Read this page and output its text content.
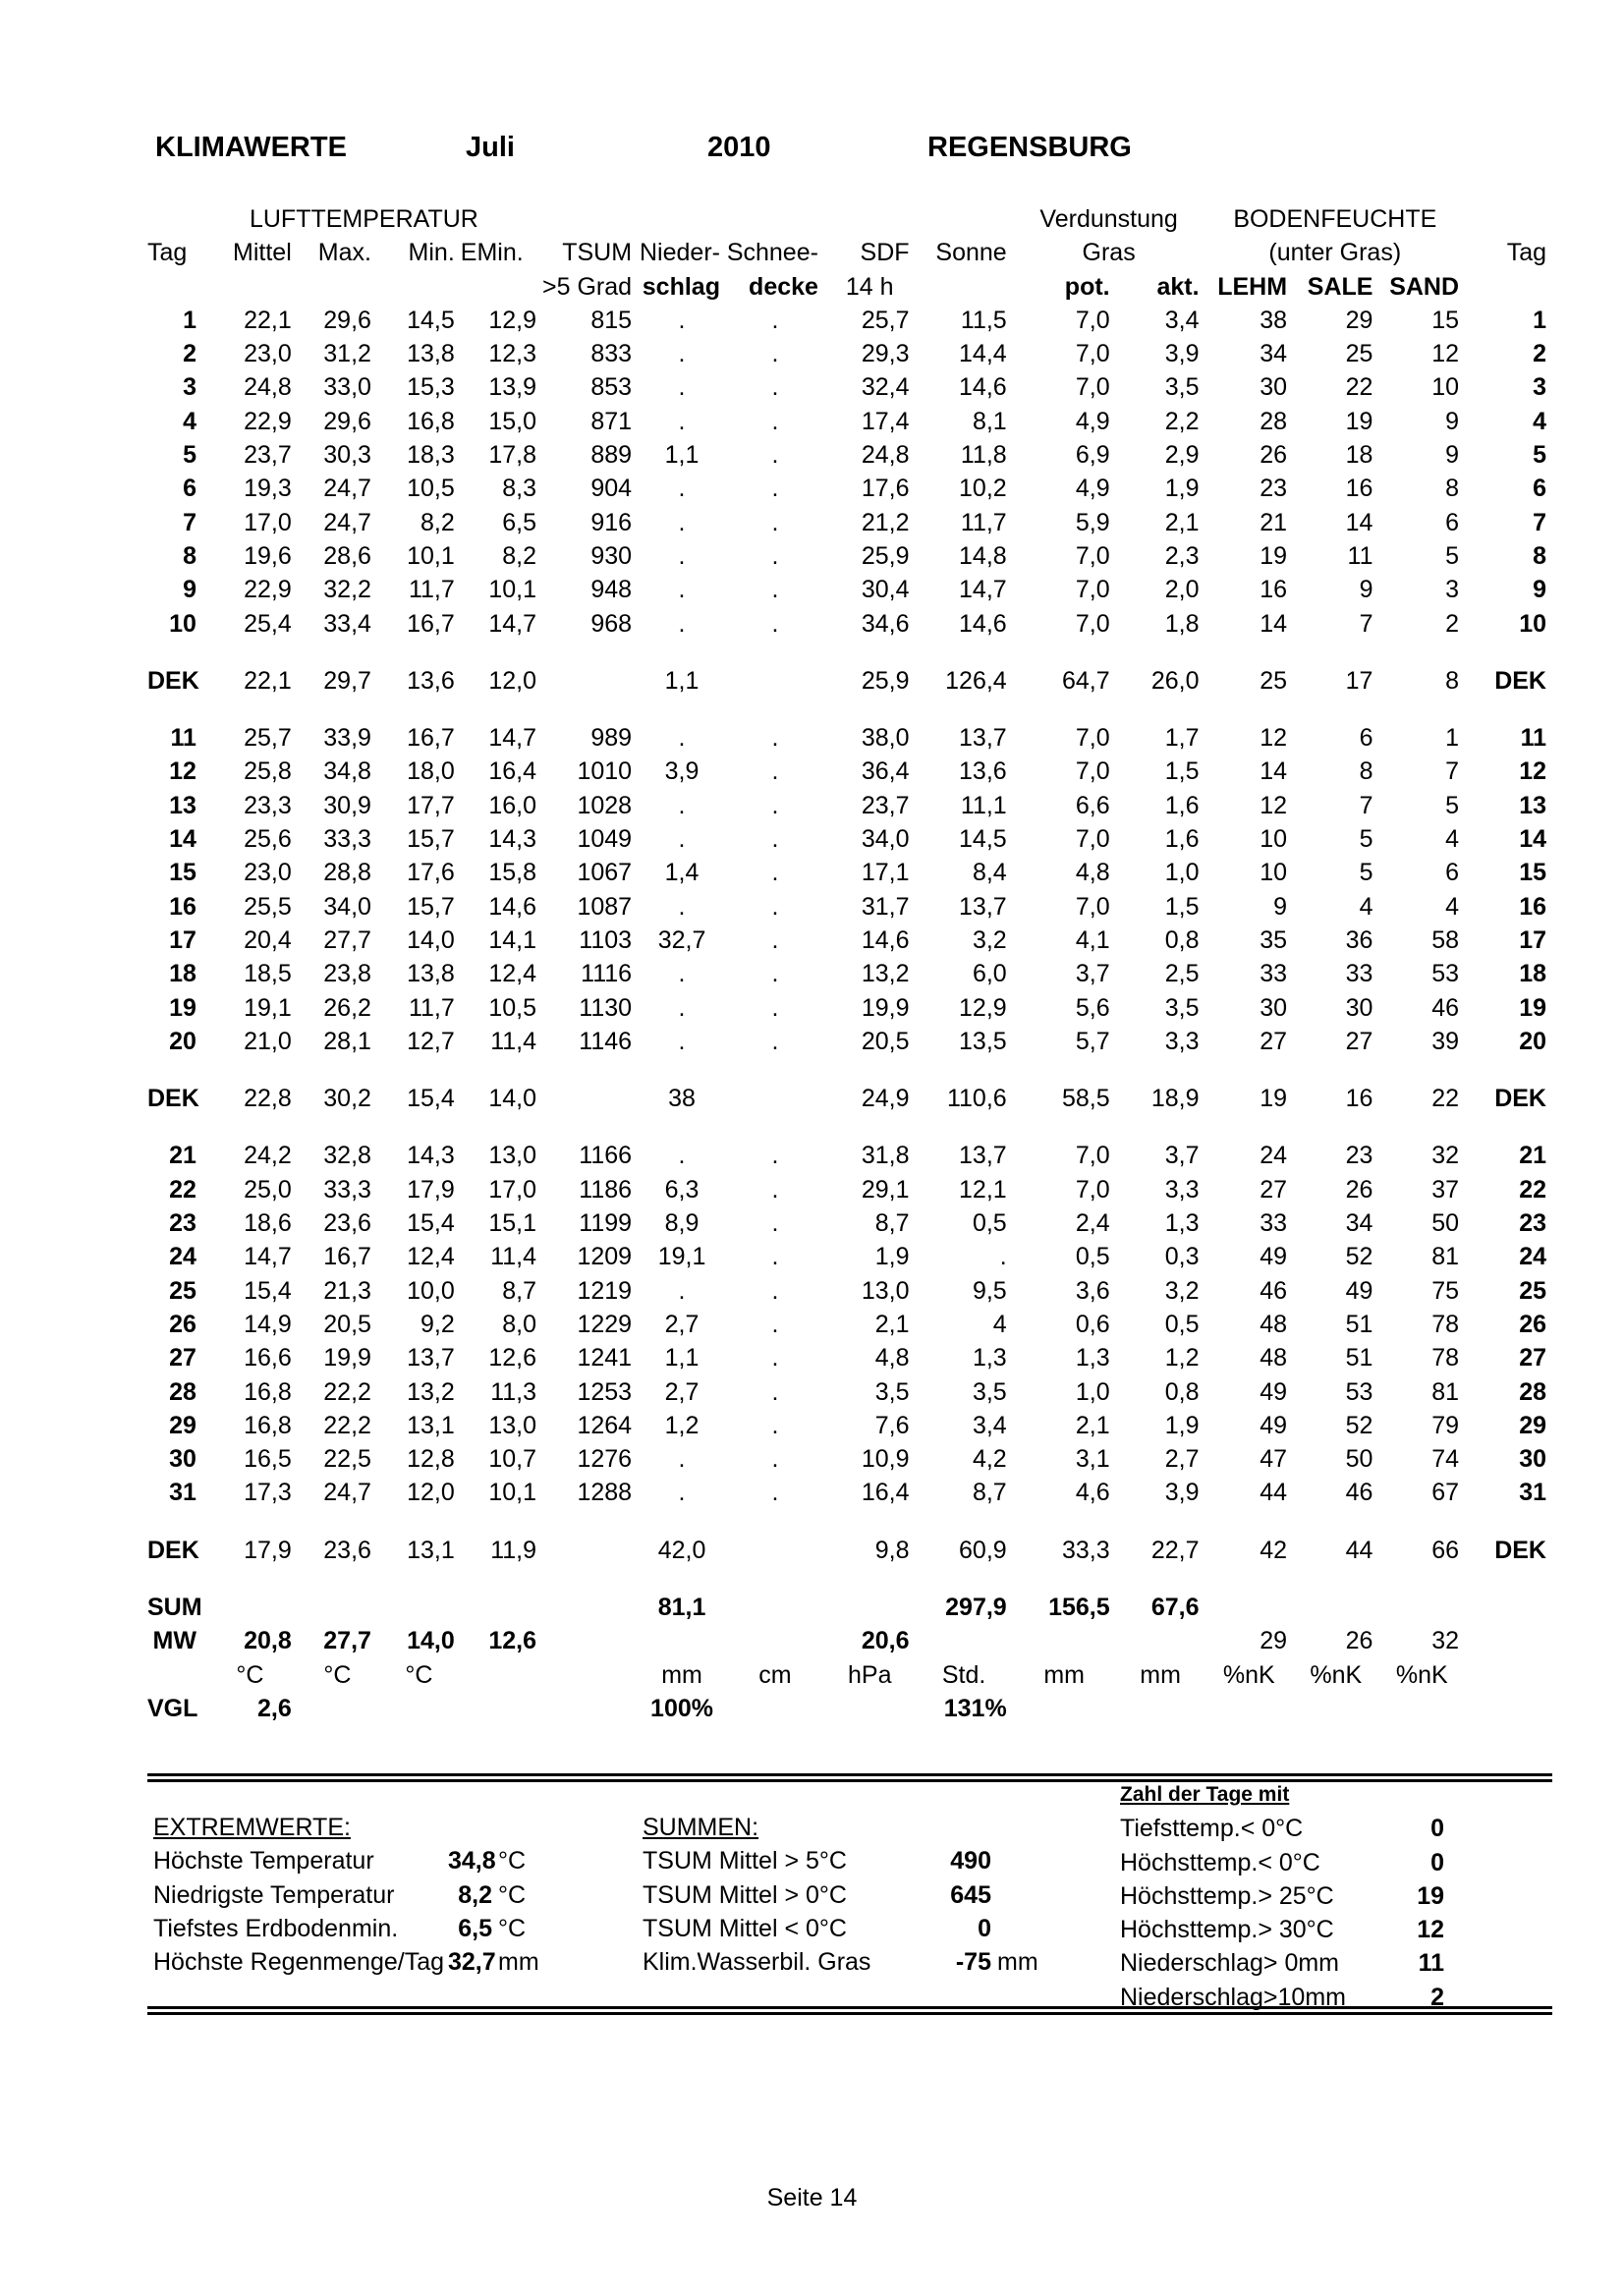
KLIMAWERTE	Juli	2010	REGENSBURG
	LUFTTEMPERATUR									Verdunstung		BODENFEUCHTE			
Tag	Mittel	Max.	Min.	EMin.	TSUM	Nieder-	Schnee-	SDF	Sonne	Gras		(unter Gras)			Tag
					>5 Grad	schlag	decke	14 h		pot.	akt.	LEHM	SALE	SAND	
1	22,1	29,6	14,5	12,9	815	.	.	25,7	11,5	7,0	3,4	38	29	15	1
2	23,0	31,2	13,8	12,3	833	.	.	29,3	14,4	7,0	3,9	34	25	12	2
3	24,8	33,0	15,3	13,9	853	.	.	32,4	14,6	7,0	3,5	30	22	10	3
4	22,9	29,6	16,8	15,0	871	.	.	17,4	8,1	4,9	2,2	28	19	9	4
5	23,7	30,3	18,3	17,8	889	1,1	.	24,8	11,8	6,9	2,9	26	18	9	5
6	19,3	24,7	10,5	8,3	904	.	.	17,6	10,2	4,9	1,9	23	16	8	6
7	17,0	24,7	8,2	6,5	916	.	.	21,2	11,7	5,9	2,1	21	14	6	7
8	19,6	28,6	10,1	8,2	930	.	.	25,9	14,8	7,0	2,3	19	11	5	8
9	22,9	32,2	11,7	10,1	948	.	.	30,4	14,7	7,0	2,0	16	9	3	9
10	25,4	33,4	16,7	14,7	968	.	.	34,6	14,6	7,0	1,8	14	7	2	10

DEK	22,1	29,7	13,6	12,0		1,1		25,9	126,4	64,7	26,0	25	17	8	DEK

11	25,7	33,9	16,7	14,7	989	.	.	38,0	13,7	7,0	1,7	12	6	1	11
12	25,8	34,8	18,0	16,4	1010	3,9	.	36,4	13,6	7,0	1,5	14	8	7	12
13	23,3	30,9	17,7	16,0	1028	.	.	23,7	11,1	6,6	1,6	12	7	5	13
14	25,6	33,3	15,7	14,3	1049	.	.	34,0	14,5	7,0	1,6	10	5	4	14
15	23,0	28,8	17,6	15,8	1067	1,4	.	17,1	8,4	4,8	1,0	10	5	6	15
16	25,5	34,0	15,7	14,6	1087	.	.	31,7	13,7	7,0	1,5	9	4	4	16
17	20,4	27,7	14,0	14,1	1103	32,7	.	14,6	3,2	4,1	0,8	35	36	58	17
18	18,5	23,8	13,8	12,4	1116	.	.	13,2	6,0	3,7	2,5	33	33	53	18
19	19,1	26,2	11,7	10,5	1130	.	.	19,9	12,9	5,6	3,5	30	30	46	19
20	21,0	28,1	12,7	11,4	1146	.	.	20,5	13,5	5,7	3,3	27	27	39	20

DEK	22,8	30,2	15,4	14,0		38		24,9	110,6	58,5	18,9	19	16	22	DEK

21	24,2	32,8	14,3	13,0	1166	.	.	31,8	13,7	7,0	3,7	24	23	32	21
22	25,0	33,3	17,9	17,0	1186	6,3	.	29,1	12,1	7,0	3,3	27	26	37	22
23	18,6	23,6	15,4	15,1	1199	8,9	.	8,7	0,5	2,4	1,3	33	34	50	23
24	14,7	16,7	12,4	11,4	1209	19,1	.	1,9	.	0,5	0,3	49	52	81	24
25	15,4	21,3	10,0	8,7	1219	.	.	13,0	9,5	3,6	3,2	46	49	75	25
26	14,9	20,5	9,2	8,0	1229	2,7	.	2,1	4	0,6	0,5	48	51	78	26
27	16,6	19,9	13,7	12,6	1241	1,1	.	4,8	1,3	1,3	1,2	48	51	78	27
28	16,8	22,2	13,2	11,3	1253	2,7	.	3,5	3,5	1,0	0,8	49	53	81	28
29	16,8	22,2	13,1	13,0	1264	1,2	.	7,6	3,4	2,1	1,9	49	52	79	29
30	16,5	22,5	12,8	10,7	1276	.	.	10,9	4,2	3,1	2,7	47	50	74	30
31	17,3	24,7	12,0	10,1	1288	.	.	16,4	8,7	4,6	3,9	44	46	67	31

DEK	17,9	23,6	13,1	11,9		42,0		9,8	60,9	33,3	22,7	42	44	66	DEK

SUM						81,1			297,9	156,5	67,6				
MW	20,8	27,7	14,0	12,6				20,6				29	26	32	
	°C	°C	°C			mm	cm	hPa	Std.	mm	mm	%nK	%nK	%nK	
VGL	2,6					100%			131%						
EXTREMWERTE:
Höchste Temperatur	34,8°C
Niedrigste Temperatur	8,2 °C
Tiefstes Erdbodenmin. 6,5 °C
Höchste Regenmenge/Tag 32,7mm
SUMMEN:
TSUM Mittel > 5°C	490
TSUM Mittel > 0°C	645
TSUM Mittel < 0°C	0
Klim.Wasserbil. Gras	-75 mm
Zahl der Tage mit
Tiefsttemp.< 0°C	0
Höchsttemp.< 0°C	0
Höchsttemp.> 25°C	19
Höchsttemp.> 30°C	12
Niederschlag> 0mm	11
Niederschlag>10mm	2
Seite 14
